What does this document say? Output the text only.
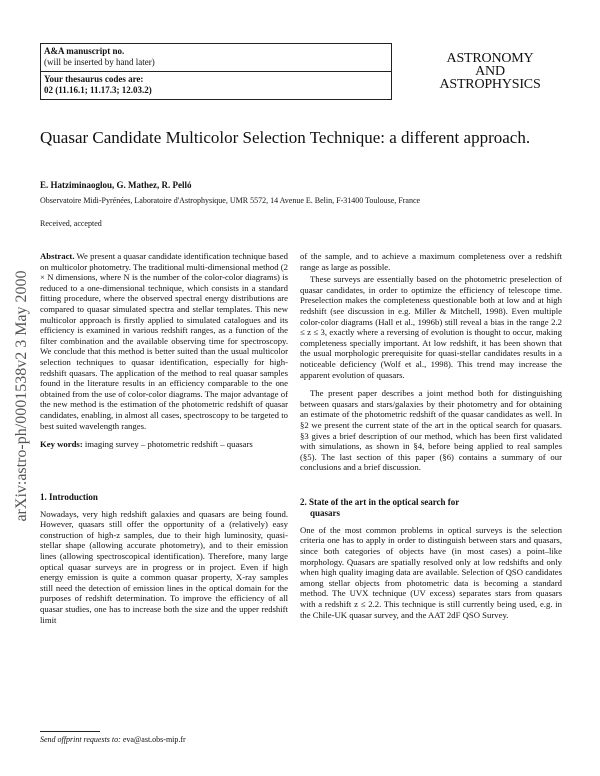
A&A manuscript no.
(will be inserted by hand later)
Your thesaurus codes are:
02 (11.16.1; 11.17.3; 12.03.2)
ASTRONOMY
AND
ASTROPHYSICS
arXiv:astro-ph/0001538v2 3 May 2000
Quasar Candidate Multicolor Selection Technique: a different approach.
E. Hatziminaoglou, G. Mathez, R. Pelló
Observatoire Midi-Pyrénées, Laboratoire d'Astrophysique, UMR 5572, 14 Avenue E. Belin, F-31400 Toulouse, France
Received, accepted

Abstract. We present a quasar candidate identification technique based on multicolor photometry. The traditional multi-dimensional method (2 × N dimensions, where N is the number of the color-color diagrams) is reduced to a one-dimensional technique, which consists in a standard fitting procedure, where the observed spectral energy distributions are compared to quasar simulated spectra and stellar templates. This new multicolor approach is firstly applied to simulated catalogues and its efficiency is examined in various redshift ranges, as a function of the filter combination and the available observing time for spectroscopy. We conclude that this method is better suited than the usual multicolor selection techniques to quasar identification, especially for high-redshift quasars. The application of the method to real quasar samples found in the literature results in an efficiency comparable to the one obtained from the use of color-color diagrams. The major advantage of the new method is the estimation of the photometric redshift of quasar candidates, enabling, in almost all cases, spectroscopy to be targeted to best suited wavelength ranges.

Key words: imaging survey – photometric redshift – quasars

1. Introduction

Nowadays, very high redshift galaxies and quasars are being found. However, quasars still offer the opportunity of a (relatively) easy construction of high-z samples, due to their high luminosity, quasi-stellar shape (allowing accurate photometry), and to their emission lines (allowing spectroscopical identification). Therefore, many large optical quasar surveys are in progress or in project. Even if high energy emission is quite a common quasar property, X-ray samples still need the detection of emission lines in the optical domain for the purposes of redshift determination. To improve the efficiency of all quasar studies, one has to increase both the size and the upper redshift limit

of the sample, and to achieve a maximum completeness over a redshift range as large as possible.

These surveys are essentially based on the photometric preselection of quasar candidates, in order to optimize the efficiency of telescope time. Preselection makes the completeness questionable both at low and at high redshift (see discussion in e.g. Miller & Mitchell, 1998). Even multiple color-color diagrams (Hall et al., 1996b) still reveal a bias in the range 2.2 ≤ z ≤ 3, exactly where a reversing of evolution is thought to occur, making completeness specially important. At low redshift, it has been shown that the usual morphologic prerequisite for quasi-stellar candidates results in a noticeable deficiency (Wolf et al., 1998). This trend may increase the apparent evolution of quasars.

The present paper describes a joint method both for distinguishing between quasars and stars/galaxies by their photometry and for obtaining an estimate of the photometric redshift of the quasar candidates as well. In §2 we present the current state of the art in the optical search for quasars. §3 gives a brief description of our method, which has been first validated with simulations, as shown in §4, before being applied to real samples (§5). The last section of this paper (§6) contains a summary of our conclusions and a brief discussion.

2. State of the art in the optical search for
quasars

One of the most common problems in optical surveys is the selection criteria one has to apply in order to distinguish between stars and quasars, since both categories of objects have (in most cases) a point–like morphology. Quasars are spatially resolved only at low redshifts and only when high quality imaging data are available. Selection of QSO candidates among stellar objects from photometric data is becoming a standard method. The UVX technique (UV excess) separates stars from quasars with a redshift z ≤ 2.2. This technique is still currently being used, e.g. in the Chile-UK quasar survey, and the AAT 2dF QSO Survey.

Send offprint requests to: eva@ast.obs-mip.fr
